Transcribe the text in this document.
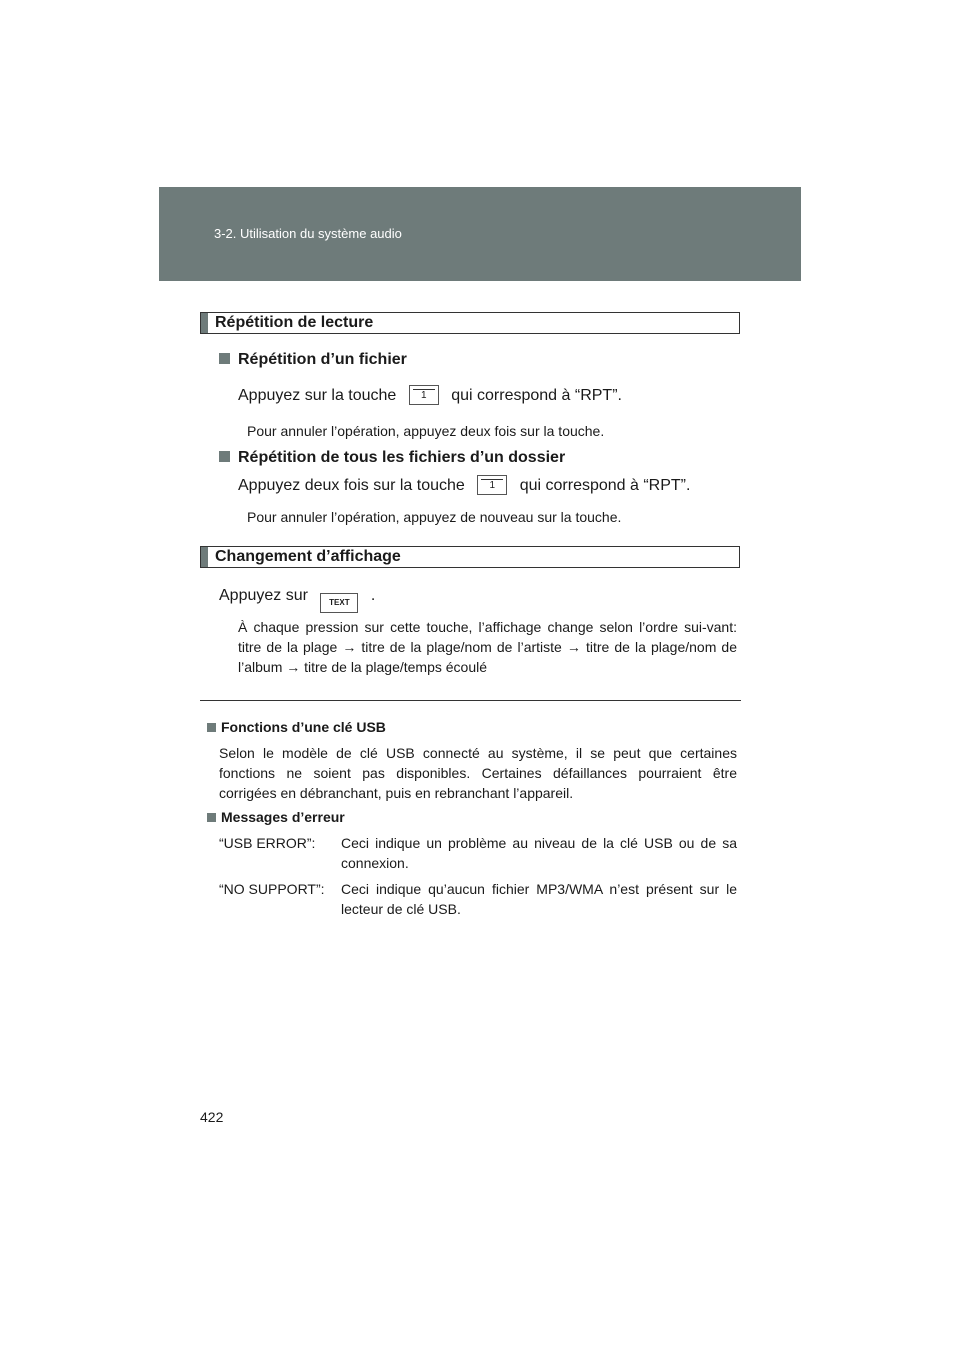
3-2. Utilisation du système audio
Répétition de lecture
Répétition d’un fichier
Appuyez sur la touche	1	qui correspond à “RPT”.
Pour annuler l’opération, appuyez deux fois sur la touche.
Répétition de tous les fichiers d’un dossier
Appuyez deux fois sur la touche	1	qui correspond à “RPT”.
Pour annuler l’opération, appuyez de nouveau sur la touche.
Changement d’affichage
Appuyez sur	TEXT .
À chaque pression sur cette touche, l’affichage change selon l’ordre sui-vant: titre de la plage → titre de la plage/nom de l’artiste → titre de la plage/nom de l’album → titre de la plage/temps écoulé
Fonctions d’une clé USB
Selon le modèle de clé USB connecté au système, il se peut que certaines fonctions ne soient pas disponibles. Certaines défaillances pourraient être corrigées en débranchant, puis en rebranchant l’appareil.
Messages d’erreur
“USB ERROR”: Ceci indique un problème au niveau de la clé USB ou de sa connexion.
“NO SUPPORT”: Ceci indique qu’aucun fichier MP3/WMA n’est présent sur le lecteur de clé USB.
422
